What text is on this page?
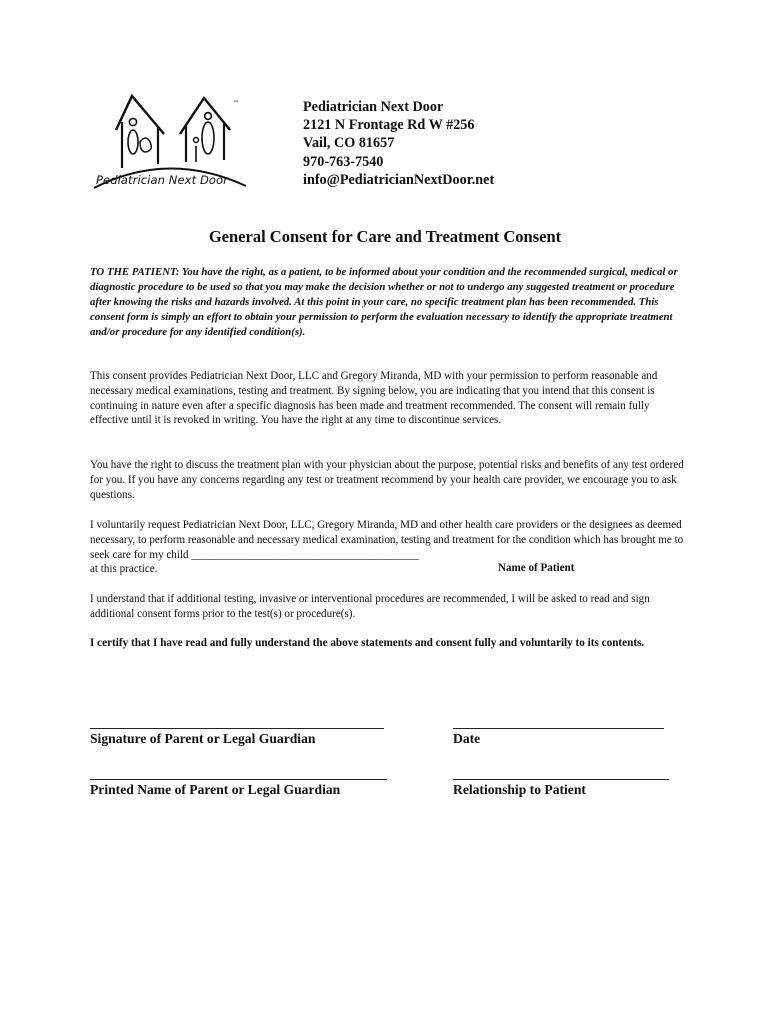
™
Pediatrician Next Door
Pediatrician Next Door
2121 N Frontage Rd W #256
Vail, CO 81657
970-763-7540
info@PediatricianNextDoor.net
General Consent for Care and Treatment Consent
TO THE PATIENT: You have the right, as a patient, to be informed about your condition and the recommended surgical, medical or diagnostic procedure to be used so that you may make the decision whether or not to undergo any suggested treatment or procedure after knowing the risks and hazards involved. At this point in your care, no specific treatment plan has been recommended. This consent form is simply an effort to obtain your permission to perform the evaluation necessary to identify the appropriate treatment and/or procedure for any identified condition(s).
This consent provides Pediatrician Next Door, LLC and Gregory Miranda, MD with your permission to perform reasonable and necessary medical examinations, testing and treatment. By signing below, you are indicating that you intend that this consent is continuing in nature even after a specific diagnosis has been made and treatment recommended. The consent will remain fully effective until it is revoked in writing. You have the right at any time to discontinue services.
You have the right to discuss the treatment plan with your physician about the purpose, potential risks and benefits of any test ordered for you. If you have any concerns regarding any test or treatment recommend by your health care provider, we encourage you to ask questions.
I voluntarily request Pediatrician Next Door, LLC, Gregory Miranda, MD and other health care providers or the designees as deemed necessary, to perform reasonable and necessary medical examination, testing and treatment for the condition which has brought me to seek care for my child _________________________________________
at this practice.	Name of Patient
I understand that if additional testing, invasive or interventional procedures are recommended, I will be asked to read and sign additional consent forms prior to the test(s) or procedure(s).
I certify that I have read and fully understand the above statements and consent fully and voluntarily to its contents.
Signature of Parent or Legal Guardian	Date
Printed Name of Parent or Legal Guardian	Relationship to Patient
